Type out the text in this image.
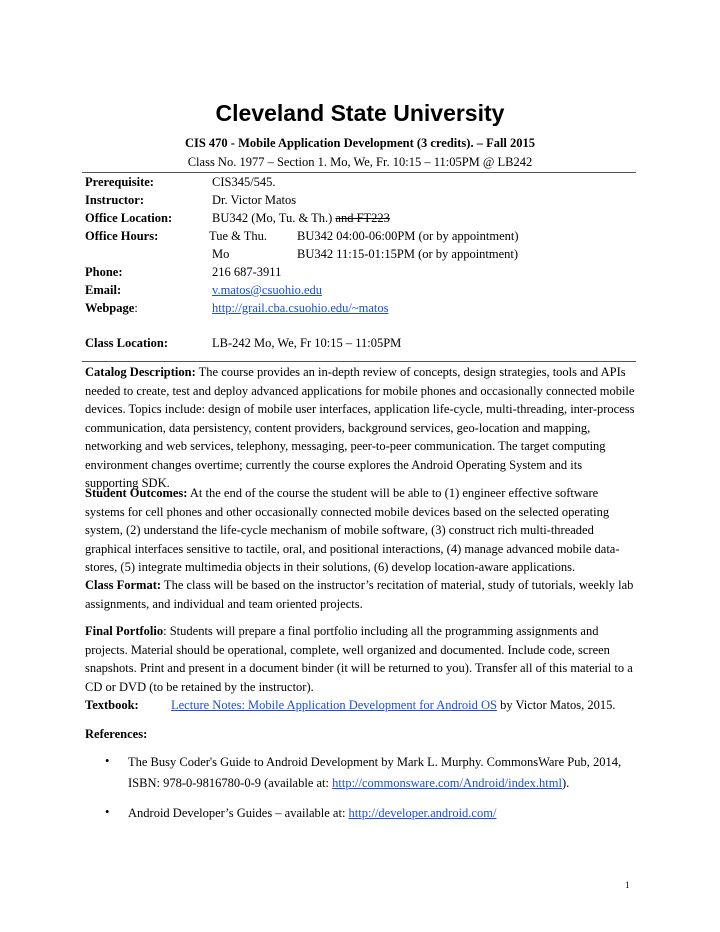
Cleveland State University
CIS 470 - Mobile Application Development (3 credits). – Fall 2015
Class No. 1977 – Section 1. Mo, We, Fr. 10:15 – 11:05PM @ LB242
Prerequisite:	CIS345/545.
Instructor:	Dr. Victor Matos
Office Location:	BU342 (Mo, Tu. & Th.) and FT223
Office Hours:	Tue & Thu. BU342 04:00-06:00PM (or by appointment)
Mo	BU342 11:15-01:15PM (or by appointment)
Phone:	216 687-3911
Email:	v.matos@csuohio.edu
Webpage:	http://grail.cba.csuohio.edu/~matos
Class Location:	LB-242 Mo, We, Fr 10:15 – 11:05PM
Catalog Description: The course provides an in-depth review of concepts, design strategies, tools and APIs needed to create, test and deploy advanced applications for mobile phones and occasionally connected mobile devices. Topics include: design of mobile user interfaces, application life-cycle, multi-threading, inter-process communication, data persistency, content providers, background services, geo-location and mapping, networking and web services, telephony, messaging, peer-to-peer communication. The target computing environment changes overtime; currently the course explores the Android Operating System and its supporting SDK.
Student Outcomes: At the end of the course the student will be able to (1) engineer effective software systems for cell phones and other occasionally connected mobile devices based on the selected operating system, (2) understand the life-cycle mechanism of mobile software, (3) construct rich multi-threaded graphical interfaces sensitive to tactile, oral, and positional interactions, (4) manage advanced mobile data-stores, (5) integrate multimedia objects in their solutions, (6) develop location-aware applications.
Class Format: The class will be based on the instructor’s recitation of material, study of tutorials, weekly lab assignments, and individual and team oriented projects.
Final Portfolio: Students will prepare a final portfolio including all the programming assignments and projects. Material should be operational, complete, well organized and documented. Include code, screen snapshots. Print and present in a document binder (it will be returned to you). Transfer all of this material to a CD or DVD (to be retained by the instructor).
Textbook:	Lecture Notes: Mobile Application Development for Android OS by Victor Matos, 2015.
References:
• The Busy Coder's Guide to Android Development by Mark L. Murphy. CommonsWare Pub, 2014, ISBN: 978-0-9816780-0-9 (available at: http://commonsware.com/Android/index.html).
• Android Developer’s Guides – available at: http://developer.android.com/
1
